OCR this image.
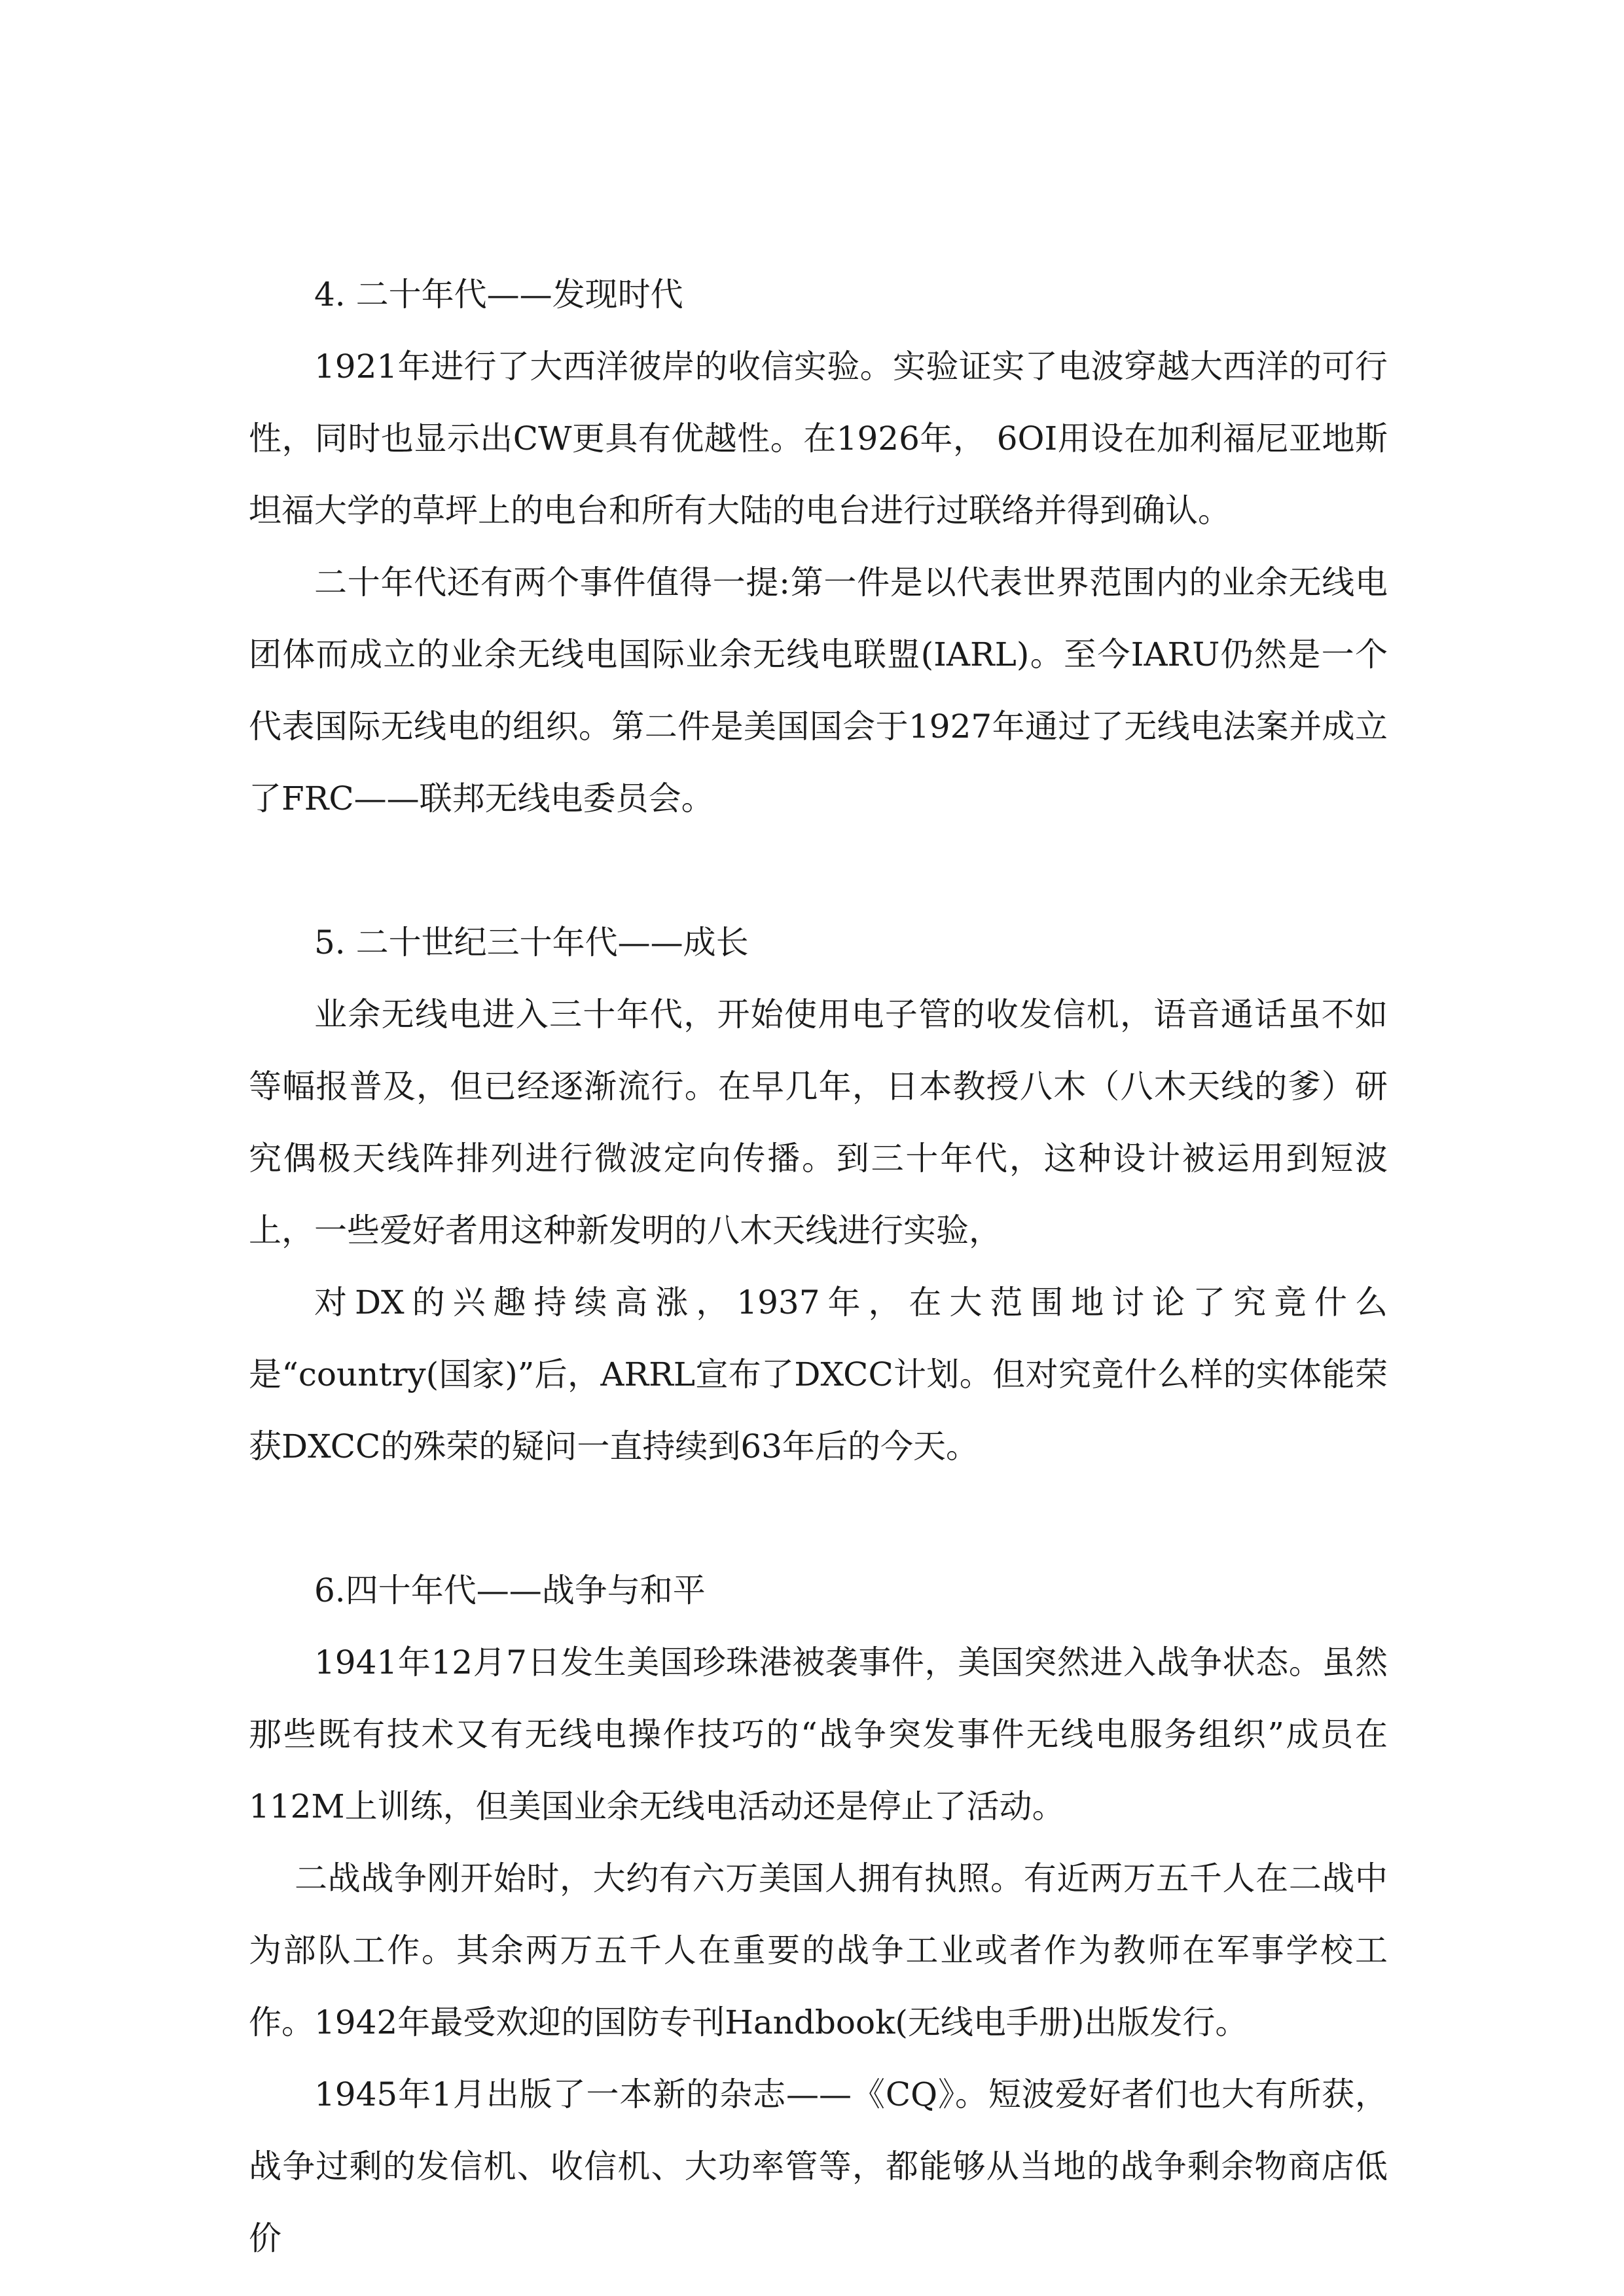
4. 二十年代——发现时代

1921年进行了大西洋彼岸的收信实验。实验证实了电波穿越大西洋的可行性，同时也显示出CW更具有优越性。在1926年， 6OI用设在加利福尼亚地斯坦福大学的草坪上的电台和所有大陆的电台进行过联络并得到确认。

二十年代还有两个事件值得一提:第一件是以代表世界范围内的业余无线电团体而成立的业余无线电国际业余无线电联盟(IARL)。至今IARU仍然是一个代表国际无线电的组织。第二件是美国国会于1927年通过了无线电法案并成立了FRC——联邦无线电委员会。

5. 二十世纪三十年代——成长

业余无线电进入三十年代，开始使用电子管的收发信机，语音通话虽不如等幅报普及，但已经逐渐流行。在早几年，日本教授八木（八木天线的爹）研究偶极天线阵排列进行微波定向传播。到三十年代，这种设计被运用到短波上，一些爱好者用这种新发明的八木天线进行实验，

对DX的兴趣持续高涨，1937年，在大范围地讨论了究竟什么是“country(国家)”后，ARRL宣布了DXCC计划。但对究竟什么样的实体能荣获DXCC的殊荣的疑问一直持续到63年后的今天。

6.四十年代——战争与和平

1941年12月7日发生美国珍珠港被袭事件，美国突然进入战争状态。虽然那些既有技术又有无线电操作技巧的“战争突发事件无线电服务组织”成员在112M上训练，但美国业余无线电活动还是停止了活动。

二战战争刚开始时，大约有六万美国人拥有执照。有近两万五千人在二战中为部队工作。其余两万五千人在重要的战争工业或者作为教师在军事学校工作。1942年最受欢迎的国防专刊Handbook(无线电手册)出版发行。

1945年1月出版了一本新的杂志——《CQ》。短波爱好者们也大有所获，战争过剩的发信机、收信机、大功率管等，都能够从当地的战争剩余物商店低价
